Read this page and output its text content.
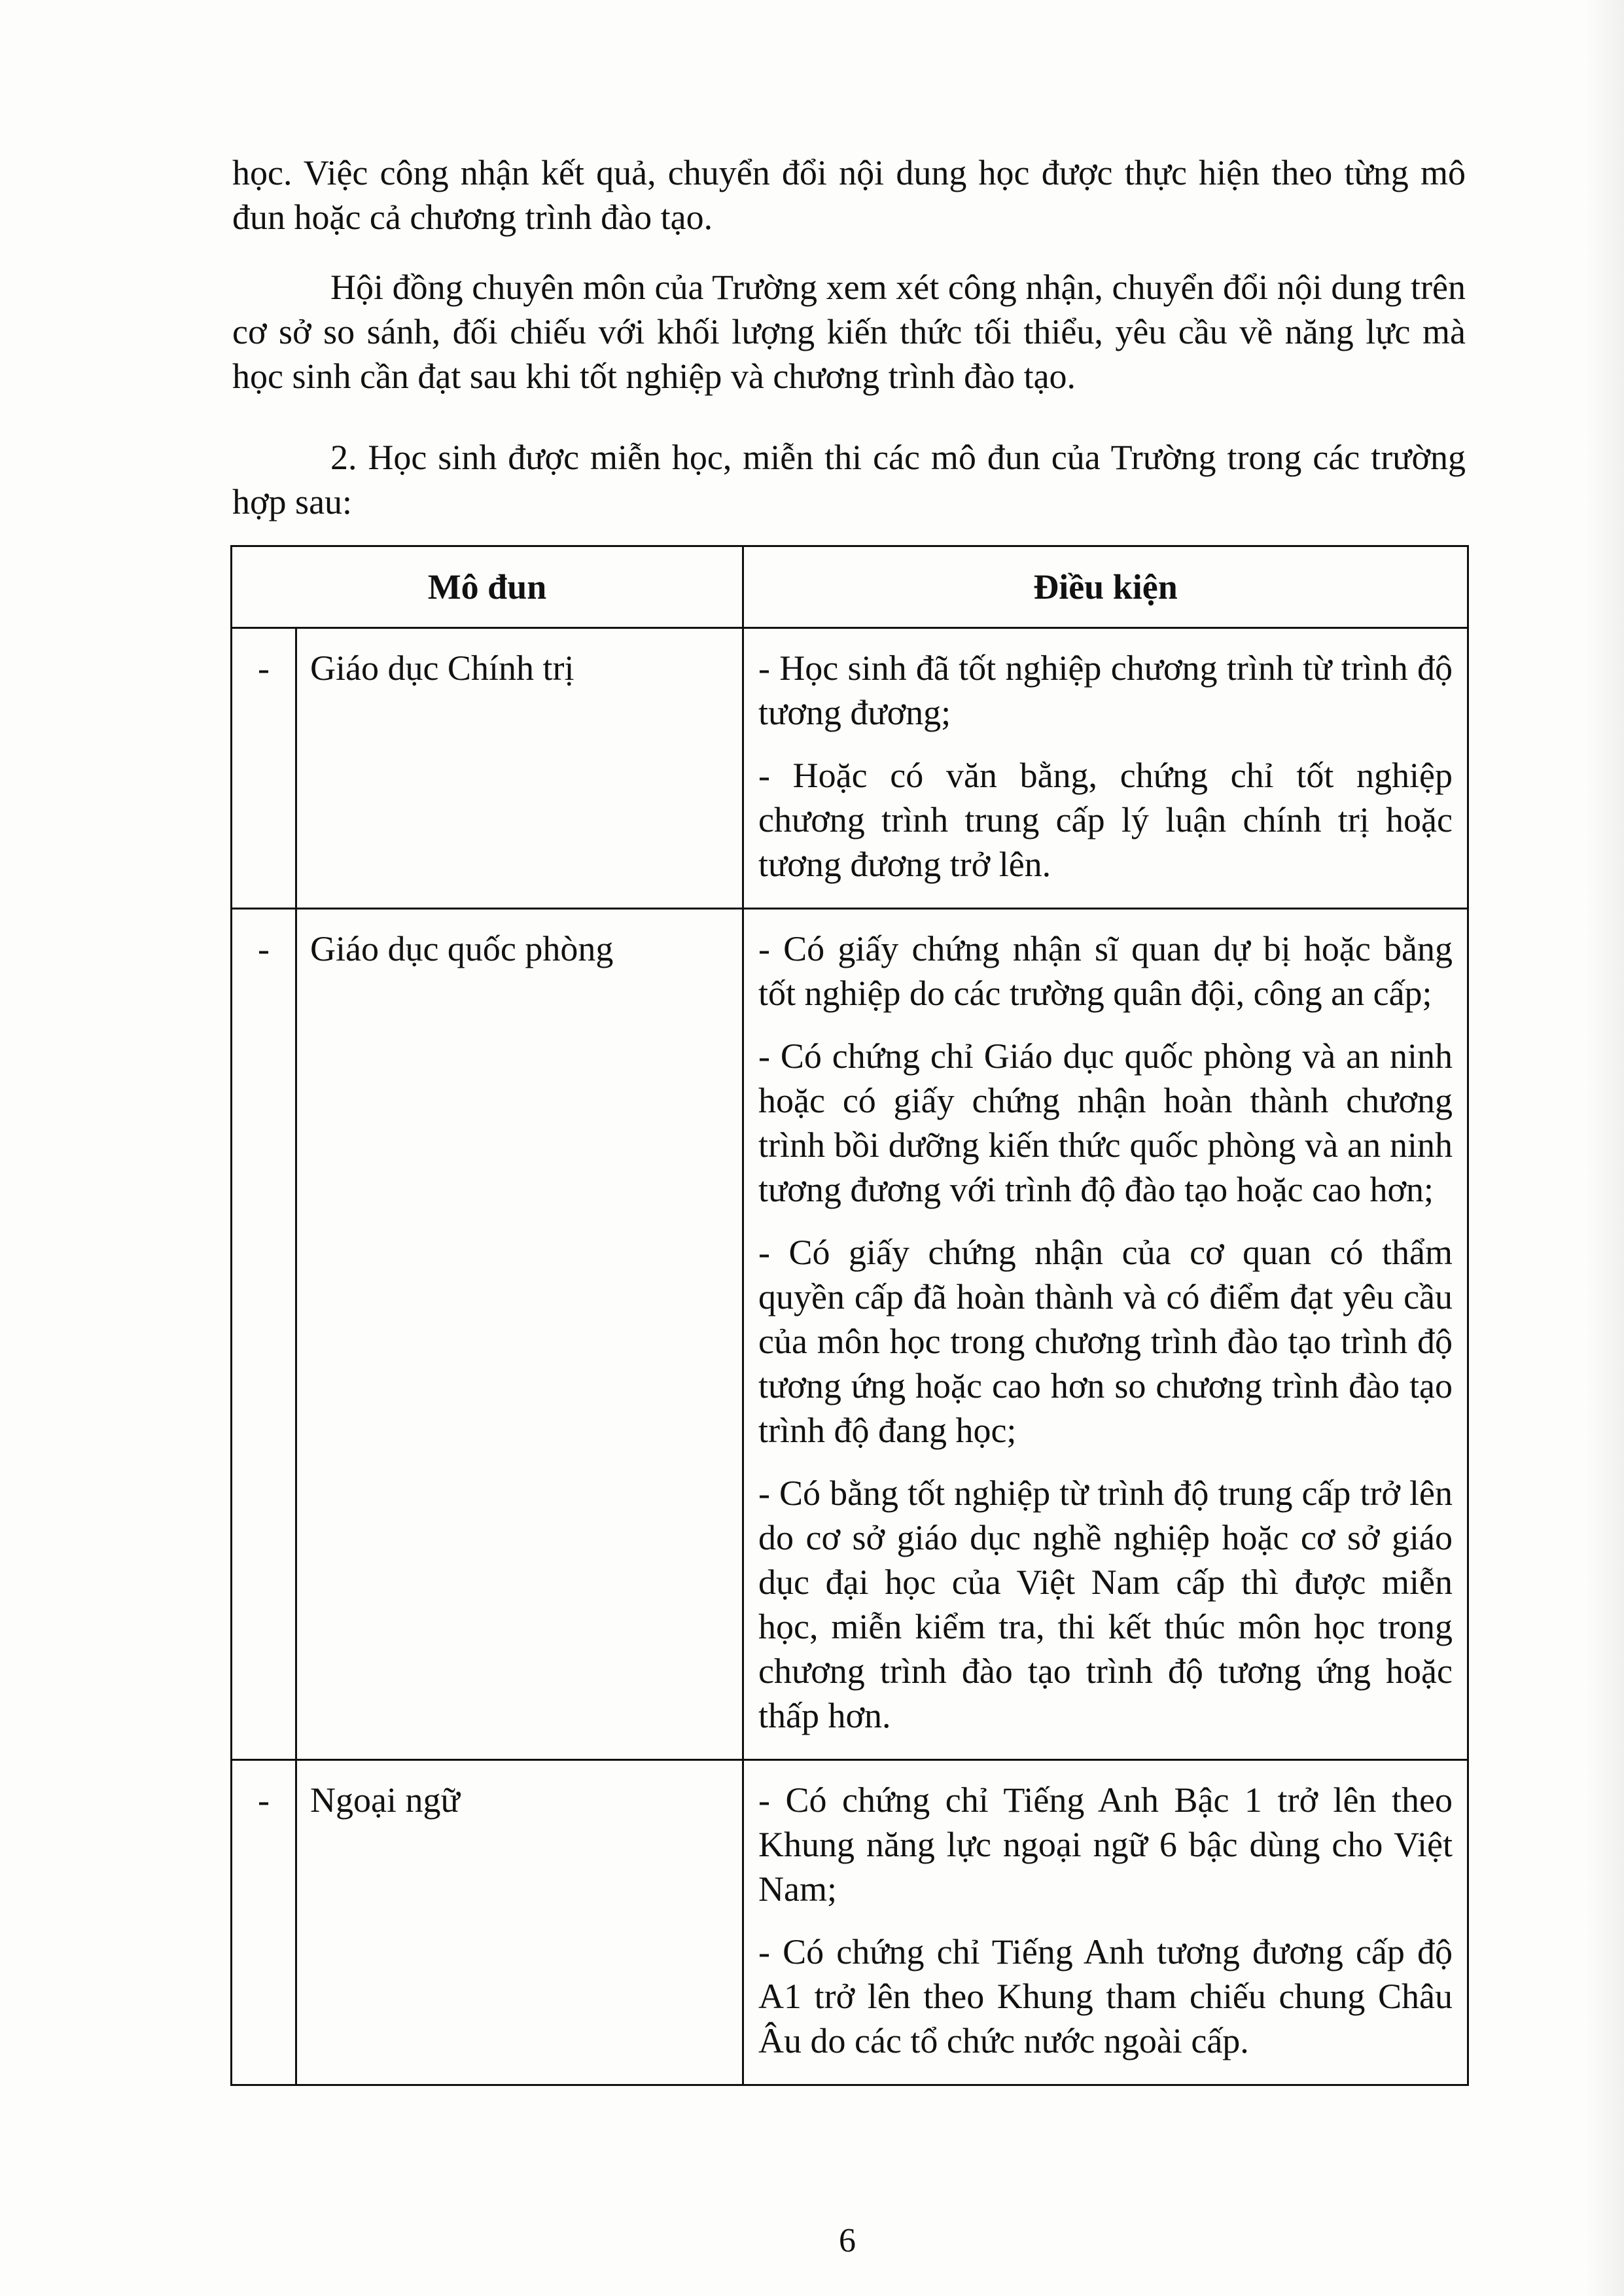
học. Việc công nhận kết quả, chuyển đổi nội dung học được thực hiện theo từng mô đun hoặc cả chương trình đào tạo.
Hội đồng chuyên môn của Trường xem xét công nhận, chuyển đổi nội dung trên cơ sở so sánh, đối chiếu với khối lượng kiến thức tối thiểu, yêu cầu về năng lực mà học sinh cần đạt sau khi tốt nghiệp và chương trình đào tạo.
2. Học sinh được miễn học, miễn thi các mô đun của Trường trong các trường hợp sau:
Mô đun		Điều kiện
-	Giáo dục Chính trị	- Học sinh đã tốt nghiệp chương trình từ trình độ tương đương;
- Hoặc có văn bằng, chứng chỉ tốt nghiệp chương trình trung cấp lý luận chính trị hoặc tương đương trở lên.

-	Giáo dục quốc phòng	- Có giấy chứng nhận sĩ quan dự bị hoặc bằng tốt nghiệp do các trường quân đội, công an cấp;
- Có chứng chỉ Giáo dục quốc phòng và an ninh hoặc có giấy chứng nhận hoàn thành chương trình bồi dưỡng kiến thức quốc phòng và an ninh tương đương với trình độ đào tạo hoặc cao hơn;
- Có giấy chứng nhận của cơ quan có thẩm quyền cấp đã hoàn thành và có điểm đạt yêu cầu của môn học trong chương trình đào tạo trình độ tương ứng hoặc cao hơn so chương trình đào tạo trình độ đang học;
- Có bằng tốt nghiệp từ trình độ trung cấp trở lên do cơ sở giáo dục nghề nghiệp hoặc cơ sở giáo dục đại học của Việt Nam cấp thì được miễn học, miễn kiểm tra, thi kết thúc môn học trong chương trình đào tạo trình độ tương ứng hoặc thấp hơn.

-	Ngoại ngữ	- Có chứng chỉ Tiếng Anh Bậc 1 trở lên theo Khung năng lực ngoại ngữ 6 bậc dùng cho Việt Nam;
- Có chứng chỉ Tiếng Anh tương đương cấp độ A1 trở lên theo Khung tham chiếu chung Châu Âu do các tổ chức nước ngoài cấp.
6
